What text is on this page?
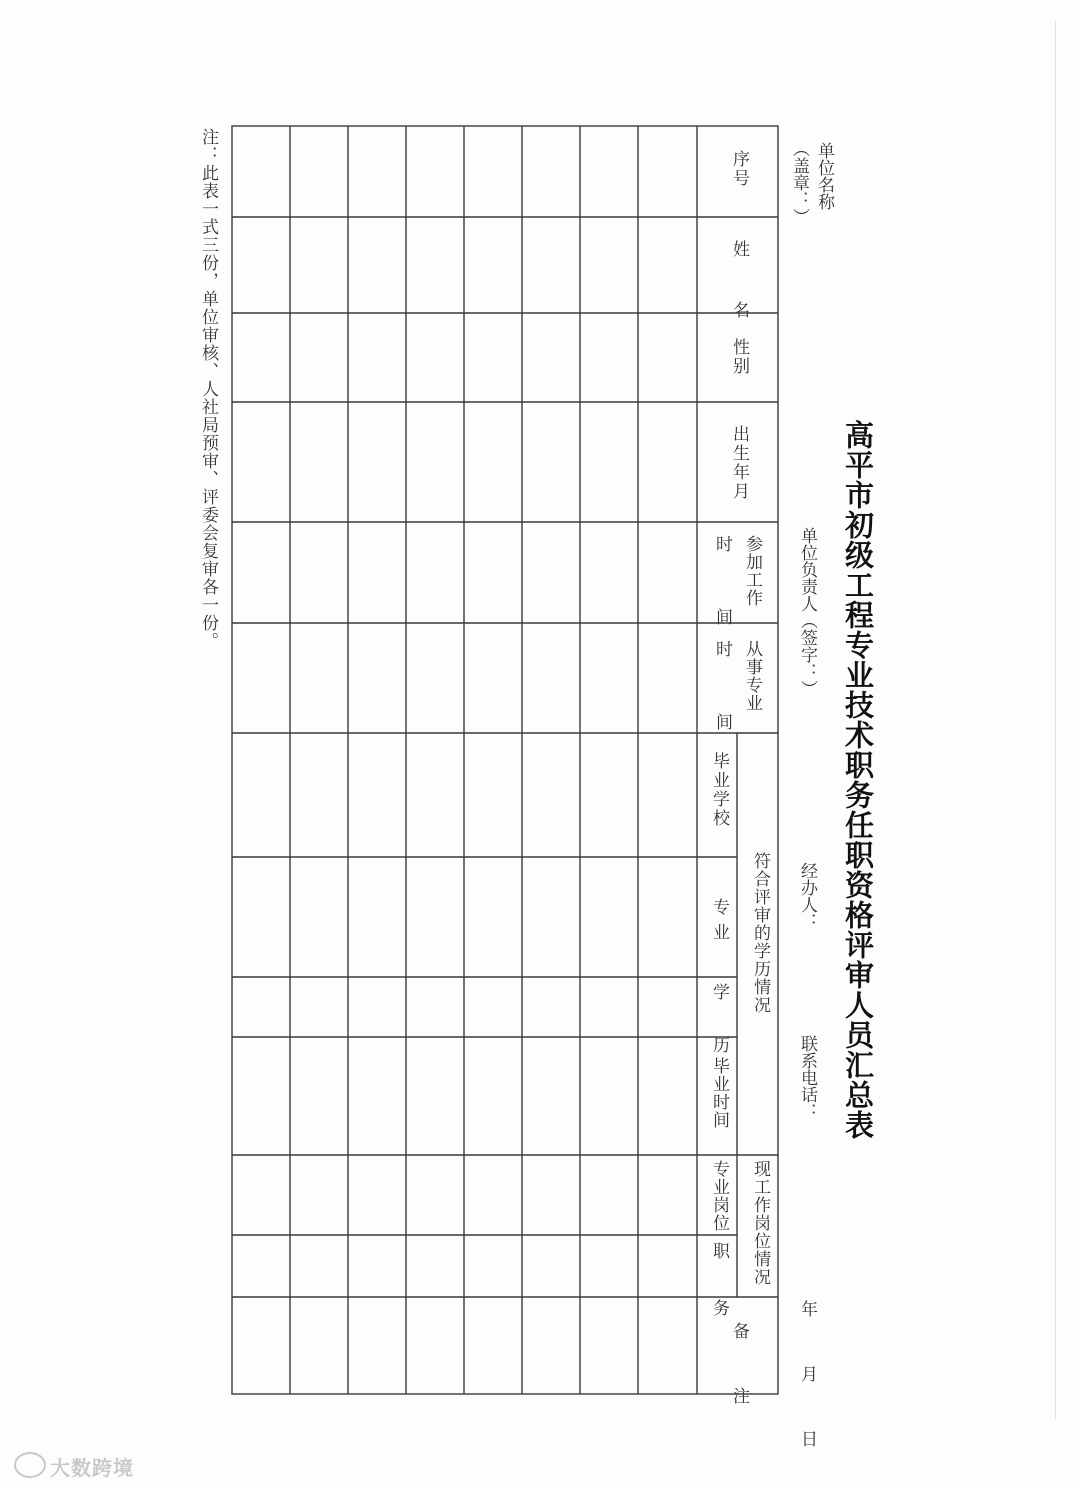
高平市初级工程专业技术职务任职资格评审人员汇总表
单位名称
（盖章：）
单位负责人（签字：）
经办人：
联系电话：
年 月 日
序号
姓 名
性别
出生年月
参加工作
时 间
从事专业
时 间
符合评审的学历情况
毕业学校
专业
学 历
毕业时间
现工作岗位情况
专业岗位
职 务
备 注
注：此表一式三份，单位审核、人社局预审、评委会复审各一份。
大数跨境
